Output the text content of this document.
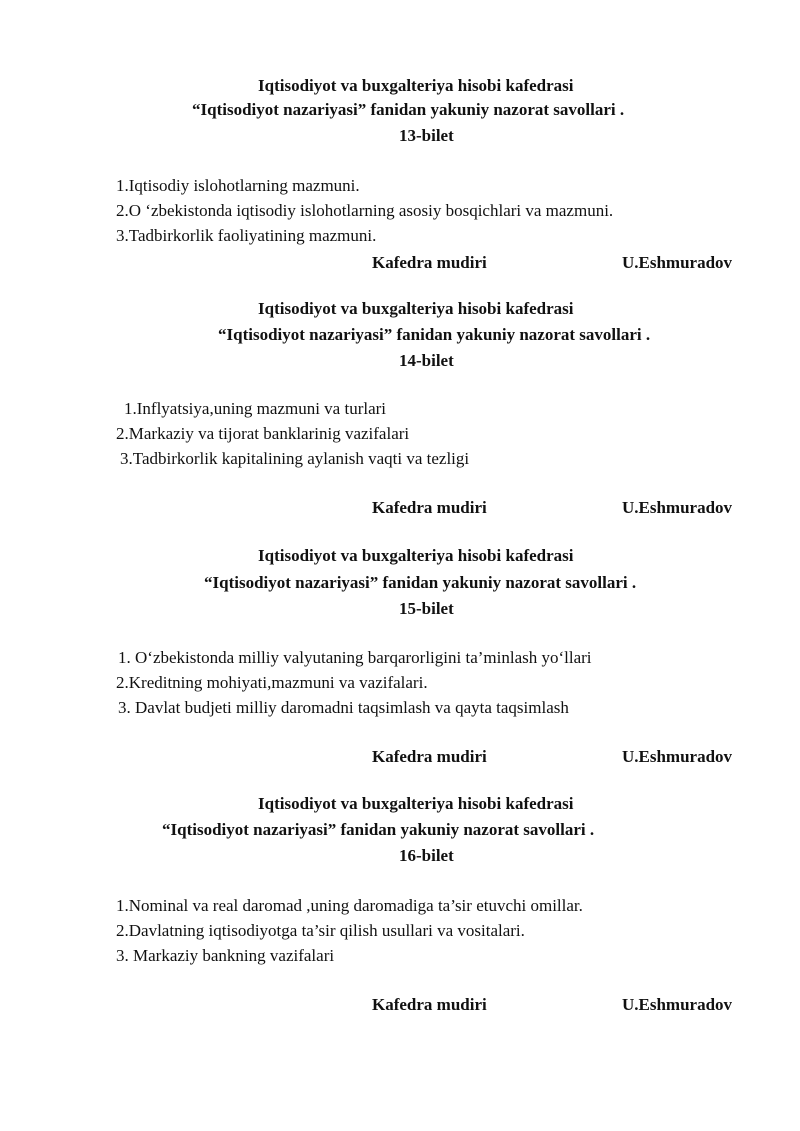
Iqtisodiyot va buxgalteriya hisobi kafedrasi
“Iqtisodiyot nazariyasi” fanidan yakuniy nazorat savollari .
13-bilet
1.Iqtisodiy islohotlarning mazmuni.
2.O ‘zbekistonda iqtisodiy islohotlarning asosiy bosqichlari va mazmuni.
3.Tadbirkorlik faoliyatining mazmuni.
Kafedra mudiri	U.Eshmuradov
Iqtisodiyot va buxgalteriya hisobi kafedrasi
“Iqtisodiyot nazariyasi” fanidan yakuniy nazorat savollari .
14-bilet
1.Inflyatsiya,uning mazmuni va turlari
2.Markaziy va tijorat banklarinig vazifalari
3.Tadbirkorlik kapitalining aylanish vaqti va tezligi
Kafedra mudiri	U.Eshmuradov
Iqtisodiyot va buxgalteriya hisobi kafedrasi
“Iqtisodiyot nazariyasi” fanidan yakuniy nazorat savollari .
15-bilet
1. O‘zbekistonda milliy valyutaning barqarorligini ta’minlash yo‘llari
2.Kreditning mohiyati,mazmuni va vazifalari.
3. Davlat budjeti milliy daromadni taqsimlash va qayta taqsimlash
Kafedra mudiri	U.Eshmuradov
Iqtisodiyot va buxgalteriya hisobi kafedrasi
“Iqtisodiyot nazariyasi” fanidan yakuniy nazorat savollari .
16-bilet
1.Nominal va real daromad ,uning daromadiga ta’sir etuvchi omillar.
2.Davlatning iqtisodiyotga ta’sir qilish usullari va vositalari.
3. Markaziy bankning vazifalari
Kafedra mudiri	U.Eshmuradov
